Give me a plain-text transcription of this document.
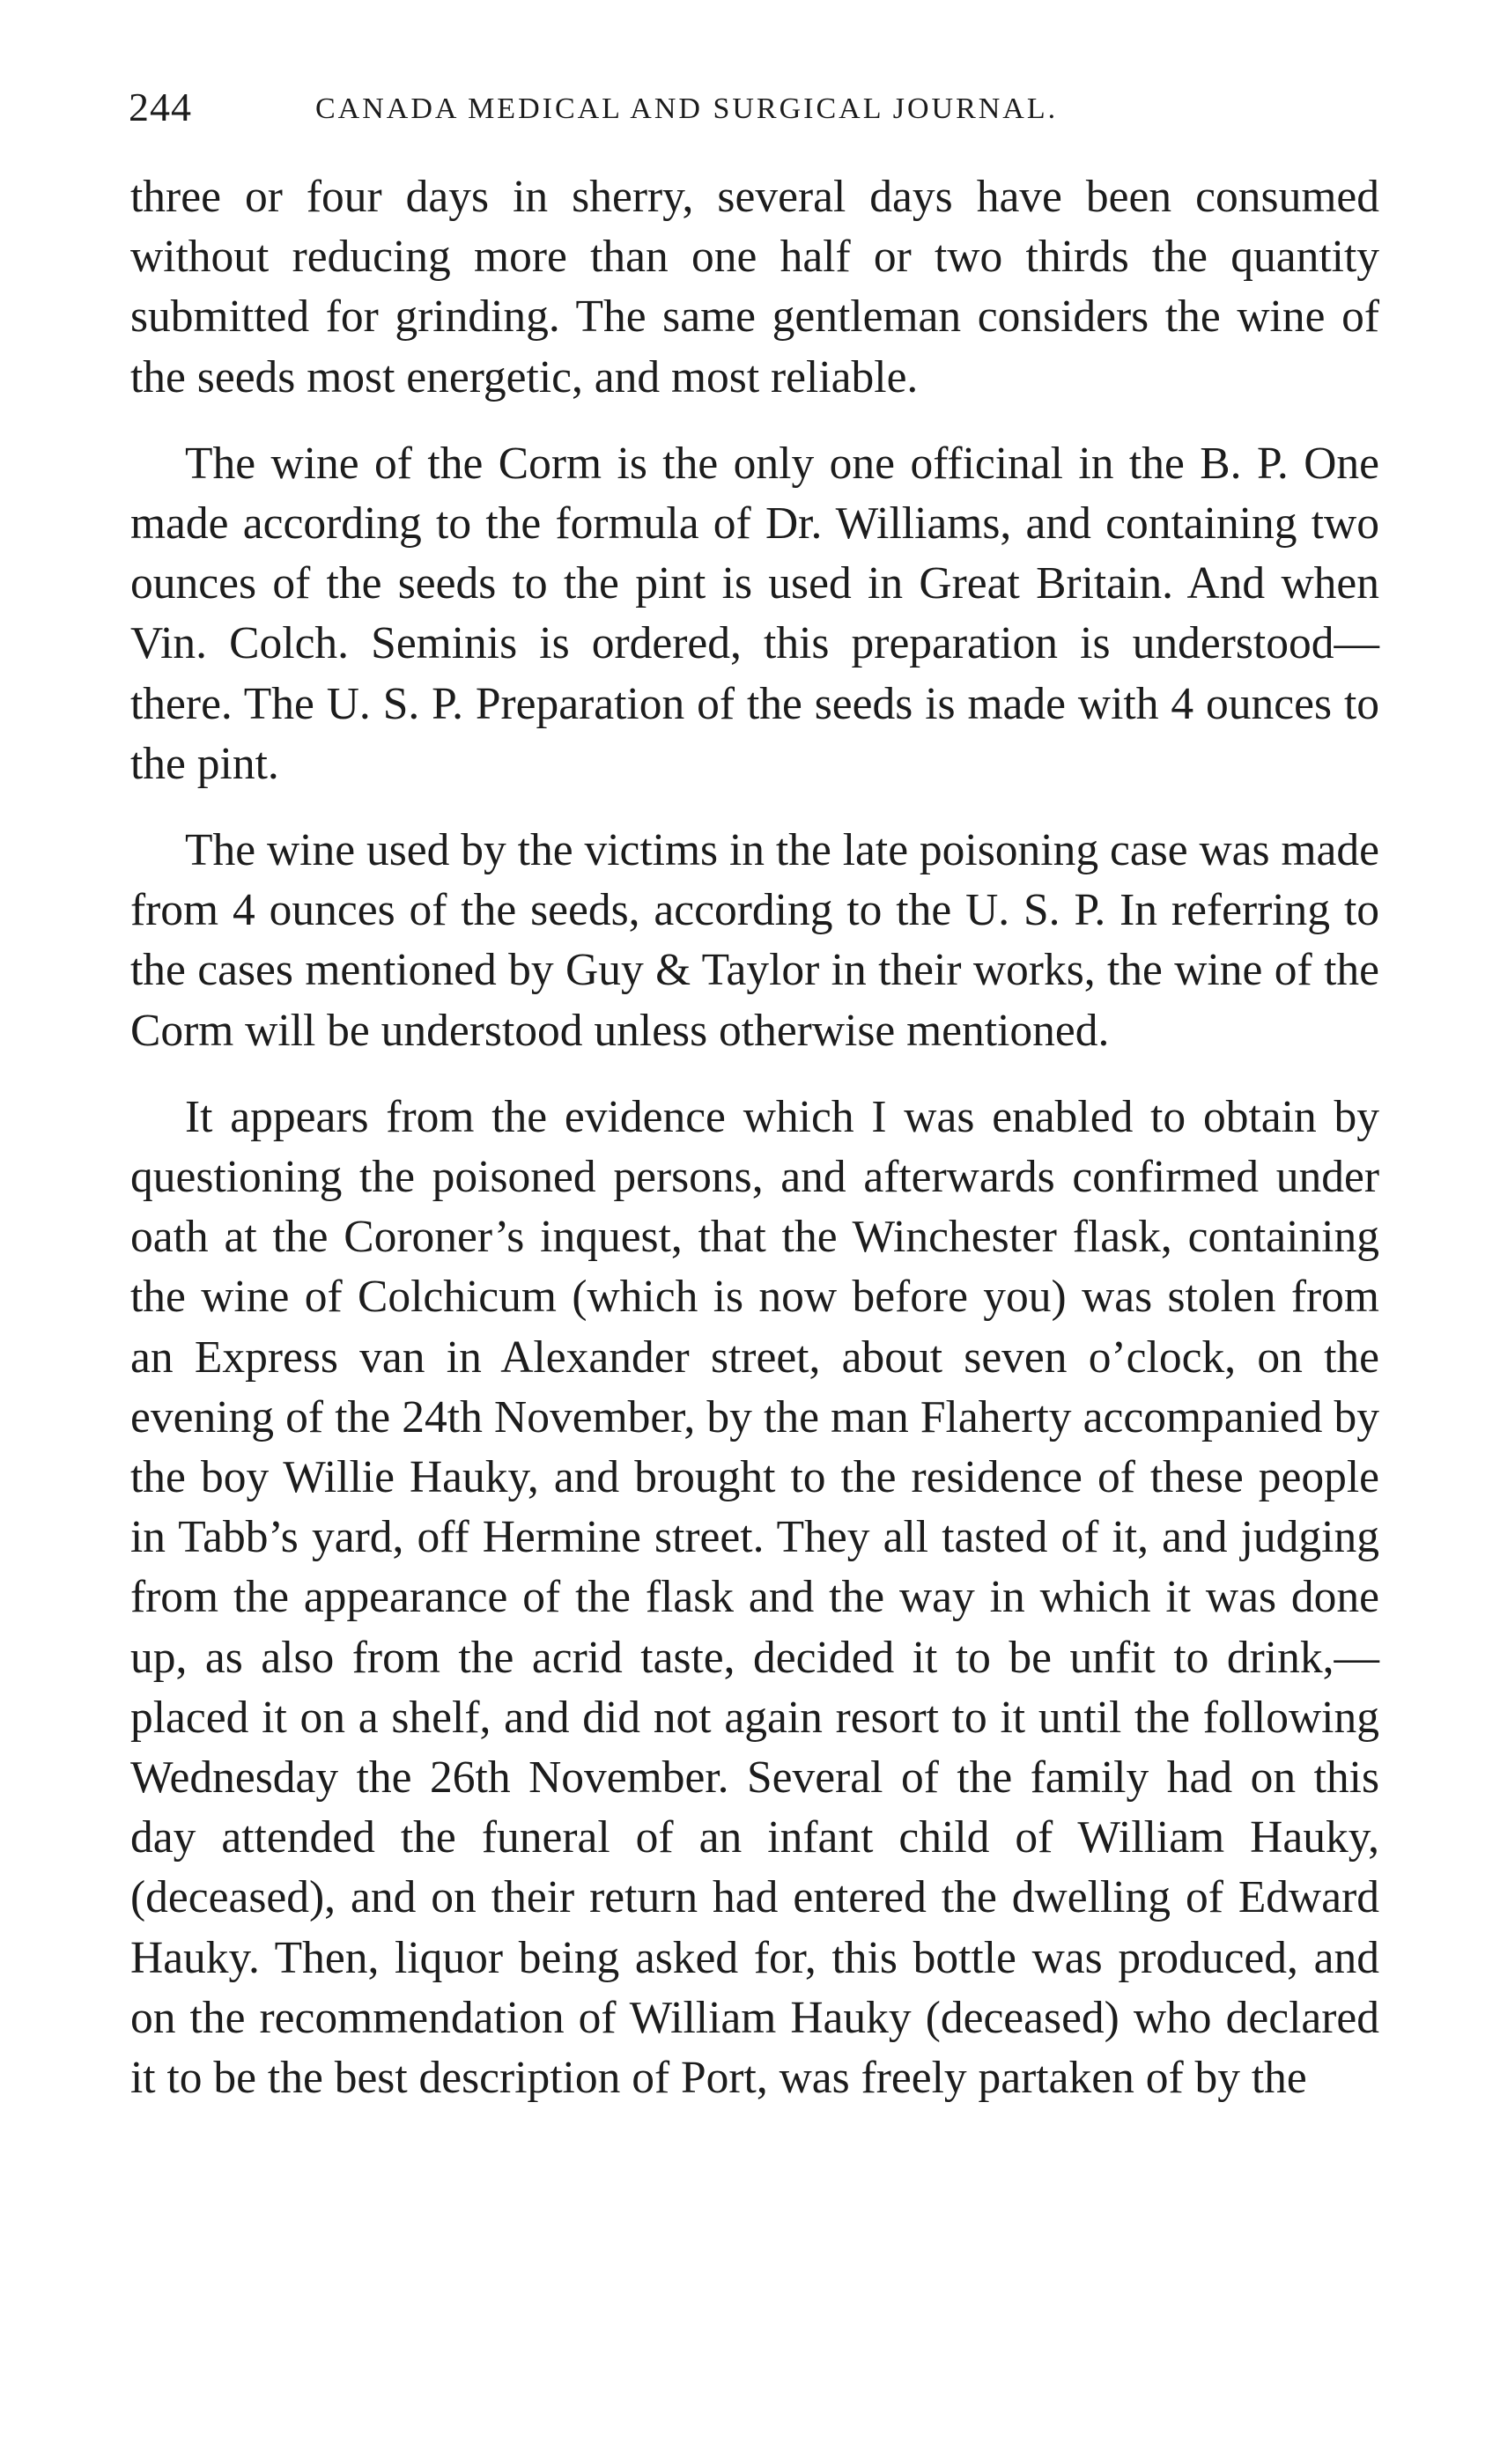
244	CANADA MEDICAL AND SURGICAL JOURNAL.

three or four days in sherry, several days have been consumed without reducing more than one half or two thirds the quantity submitted for grinding. The same gentleman considers the wine of the seeds most energetic, and most reliable.

The wine of the Corm is the only one officinal in the B. P. One made according to the formula of Dr. Williams, and containing two ounces of the seeds to the pint is used in Great Britain. And when Vin. Colch. Seminis is ordered, this preparation is understood—there. The U. S. P. Preparation of the seeds is made with 4 ounces to the pint.

The wine used by the victims in the late poisoning case was made from 4 ounces of the seeds, according to the U. S. P. In referring to the cases mentioned by Guy & Taylor in their works, the wine of the Corm will be understood unless otherwise mentioned.

It appears from the evidence which I was enabled to obtain by questioning the poisoned persons, and afterwards confirmed under oath at the Coroner’s inquest, that the Winchester flask, containing the wine of Colchicum (which is now before you) was stolen from an Express van in Alexander street, about seven o’clock, on the evening of the 24th November, by the man Flaherty accompanied by the boy Willie Hauky, and brought to the residence of these people in Tabb’s yard, off Hermine street. They all tasted of it, and judging from the appearance of the flask and the way in which it was done up, as also from the acrid taste, decided it to be unfit to drink,— placed it on a shelf, and did not again resort to it until the following Wednesday the 26th November. Several of the family had on this day attended the funeral of an infant child of William Hauky, (deceased), and on their return had entered the dwelling of Edward Hauky. Then, liquor being asked for, this bottle was produced, and on the recommendation of William Hauky (deceased) who declared it to be the best description of Port, was freely partaken of by the
